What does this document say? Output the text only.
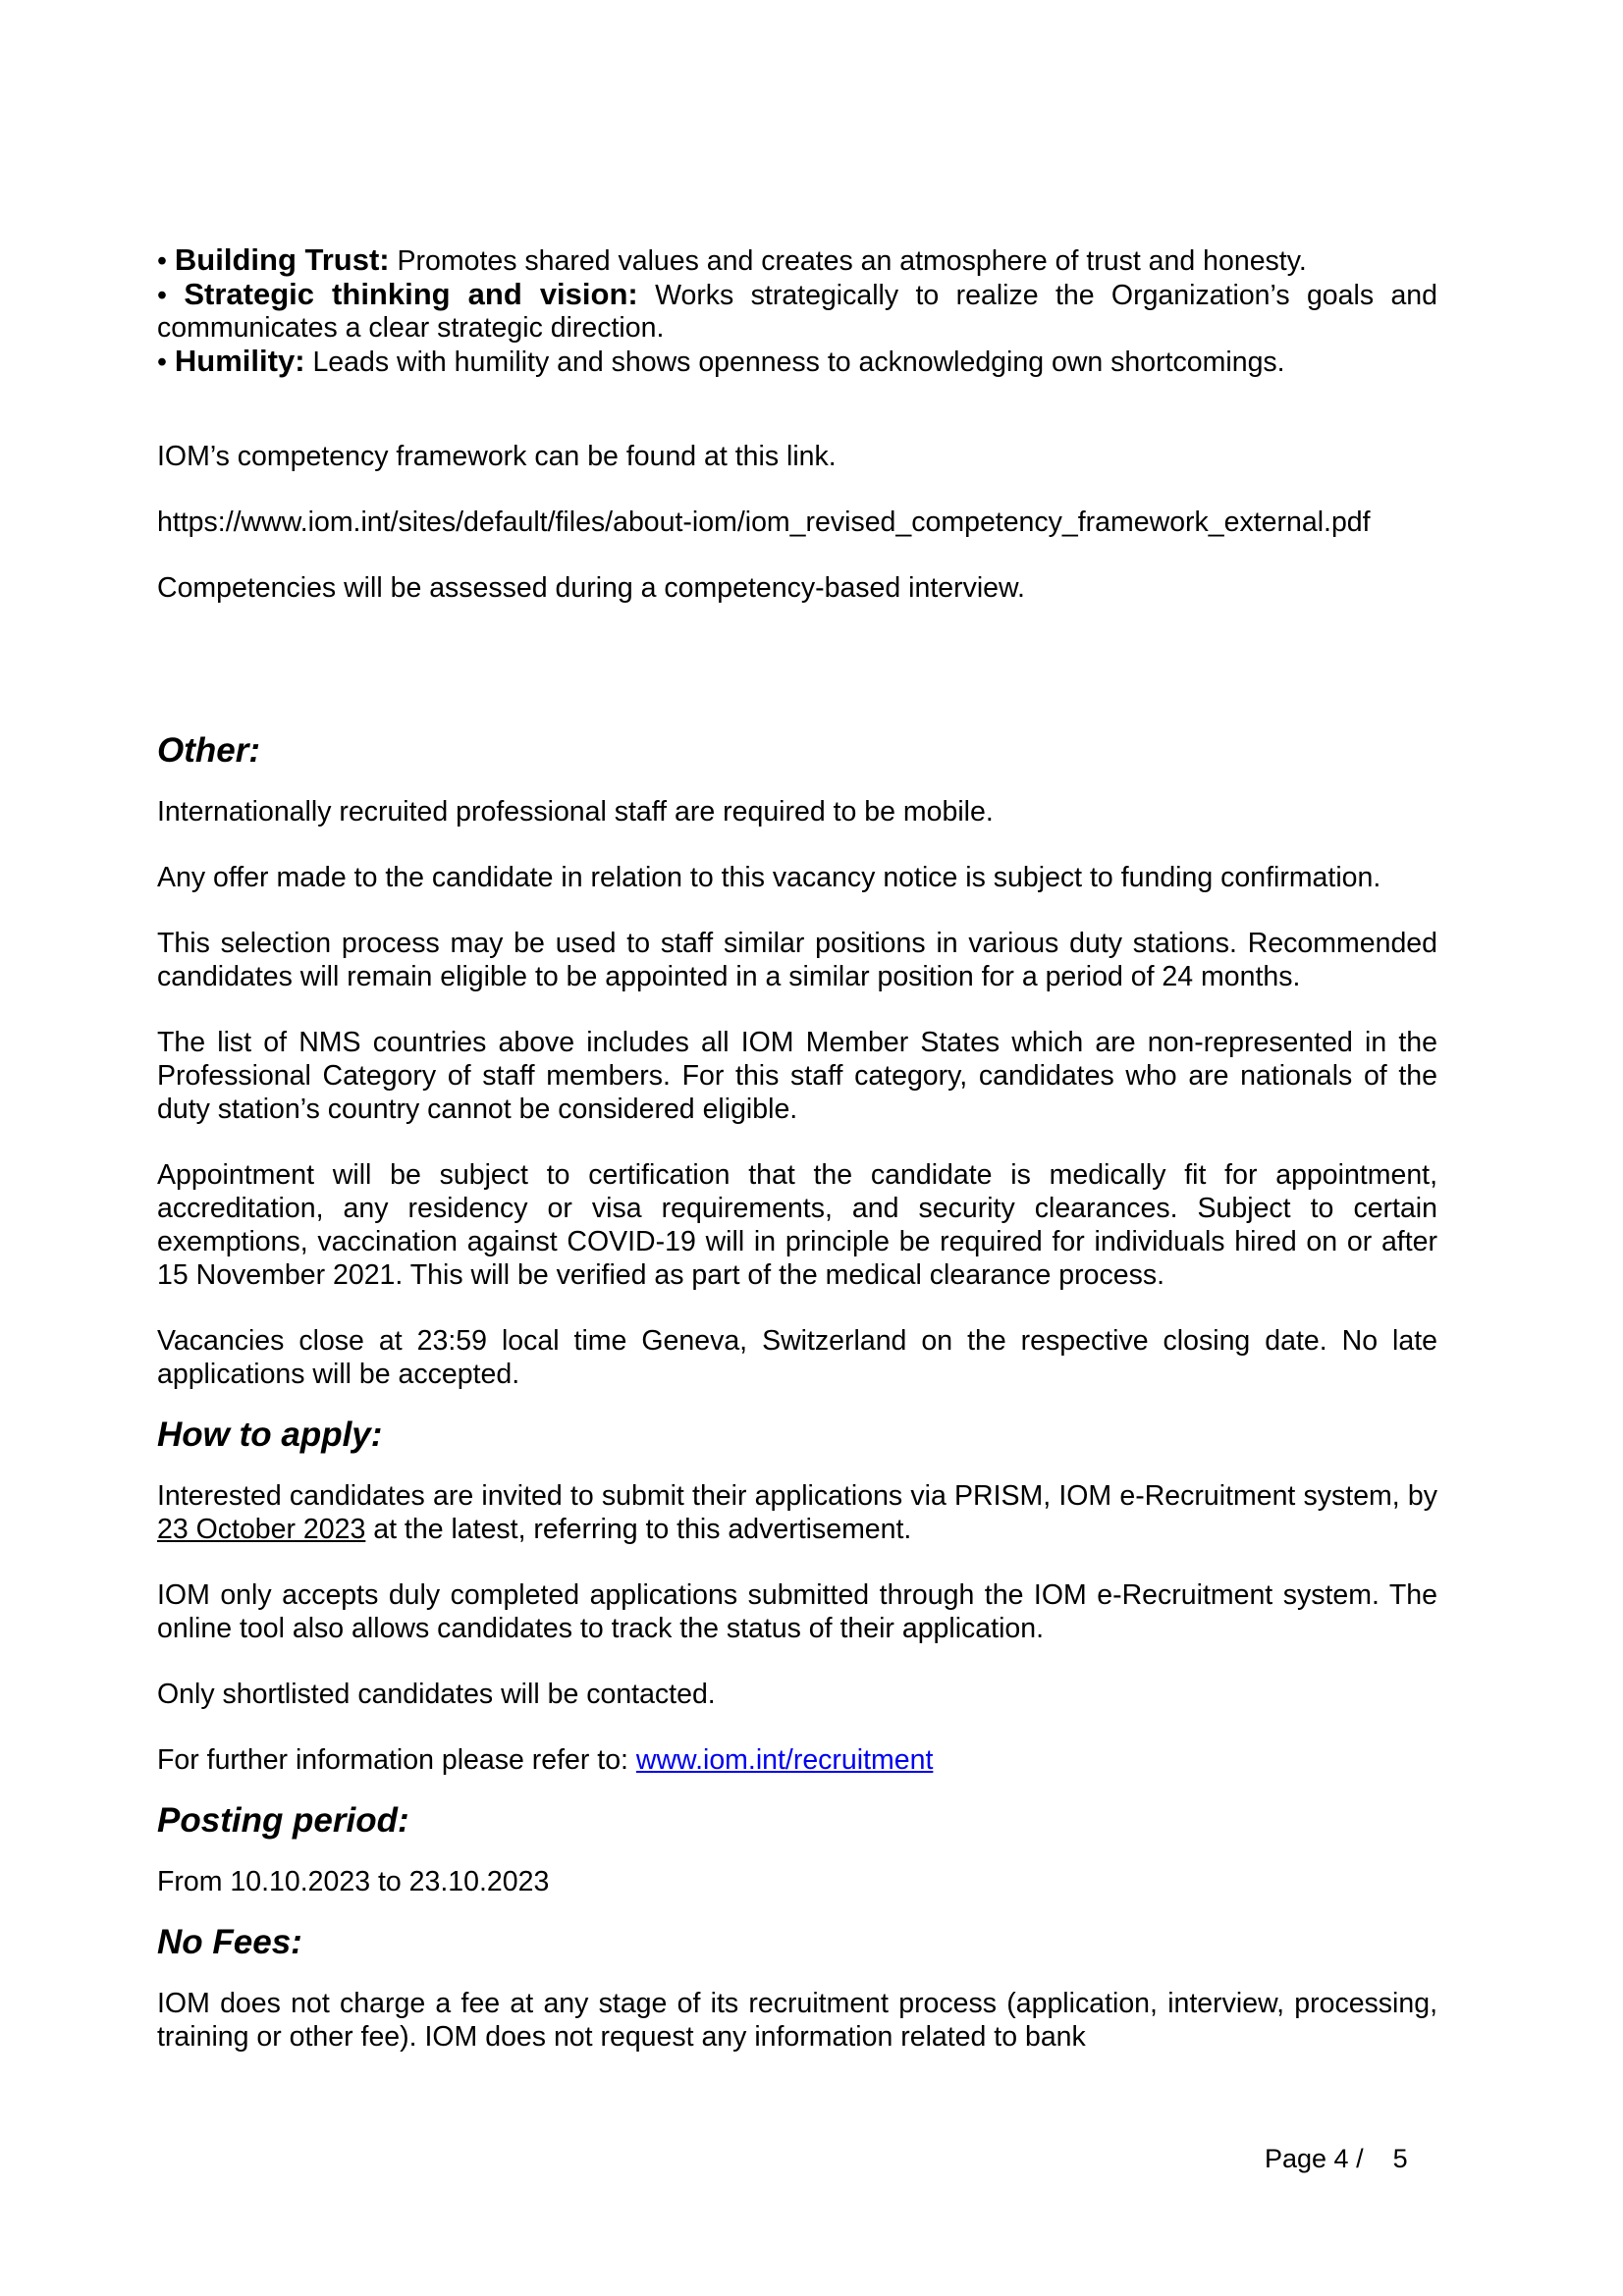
• Building Trust: Promotes shared values and creates an atmosphere of trust and honesty.

• Strategic thinking and vision: Works strategically to realize the Organization’s goals and communicates a clear strategic direction.

• Humility: Leads with humility and shows openness to acknowledging own shortcomings.

IOM’s competency framework can be found at this link.

https://www.iom.int/sites/default/files/about-iom/iom_revised_competency_framework_external.pdf

Competencies will be assessed during a competency-based interview.

Other:

Internationally recruited professional staff are required to be mobile.

Any offer made to the candidate in relation to this vacancy notice is subject to funding confirmation.

This selection process may be used to staff similar positions in various duty stations. Recommended candidates will remain eligible to be appointed in a similar position for a period of 24 months.

The list of NMS countries above includes all IOM Member States which are non-represented in the Professional Category of staff members. For this staff category, candidates who are nationals of the duty station’s country cannot be considered eligible.

Appointment will be subject to certification that the candidate is medically fit for appointment, accreditation, any residency or visa requirements, and security clearances. Subject to certain exemptions, vaccination against COVID-19 will in principle be required for individuals hired on or after 15 November 2021. This will be verified as part of the medical clearance process.

Vacancies close at 23:59 local time Geneva, Switzerland on the respective closing date. No late applications will be accepted.

How to apply:

Interested candidates are invited to submit their applications via PRISM, IOM e-Recruitment system, by 23 October 2023 at the latest, referring to this advertisement.

IOM only accepts duly completed applications submitted through the IOM e-Recruitment system. The online tool also allows candidates to track the status of their application.

Only shortlisted candidates will be contacted.

For further information please refer to: www.iom.int/recruitment

Posting period:

From 10.10.2023 to 23.10.2023

No Fees:

IOM does not charge a fee at any stage of its recruitment process (application, interview, processing, training or other fee). IOM does not request any information related to bank

Page 4 /    5
